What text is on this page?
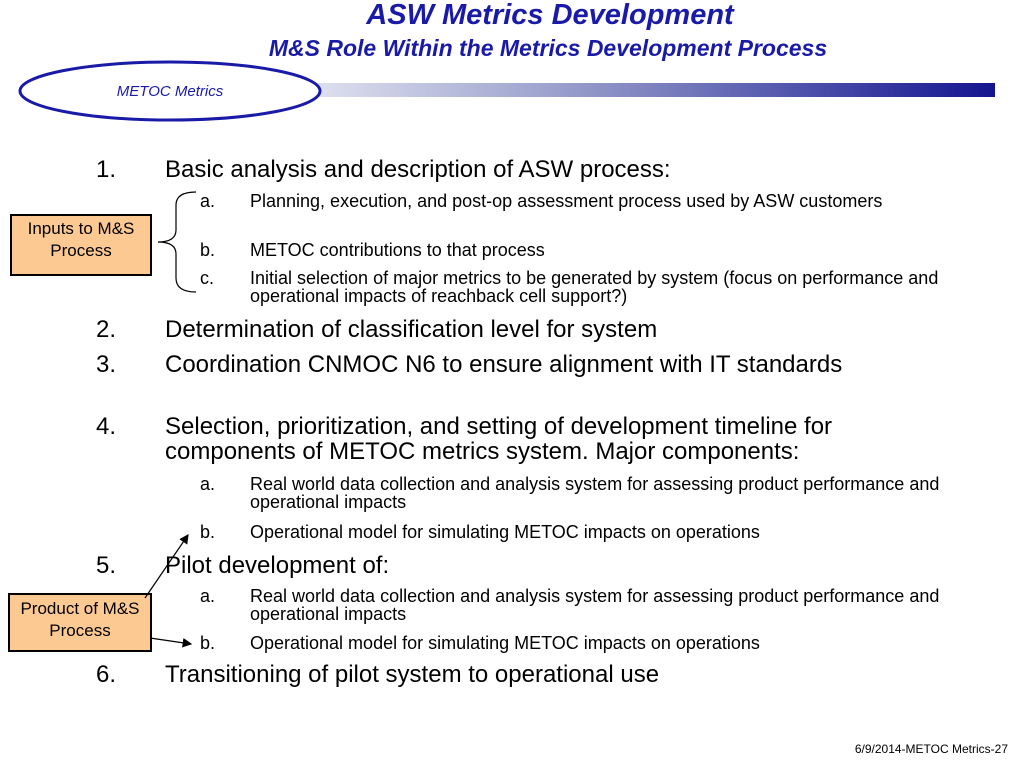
ASW Metrics Development
M&S Role Within the Metrics Development Process
METOC Metrics
1. Basic analysis and description of ASW process:
a. Planning, execution, and post-op assessment process used by ASW customers
b. METOC contributions to that process
c. Initial selection of major metrics to be generated by system (focus on performance and operational impacts of reachback cell support?)
2. Determination of classification level for system
3. Coordination CNMOC N6 to ensure alignment with IT standards
4. Selection, prioritization, and setting of development timeline for components of METOC metrics system. Major components:
a. Real world data collection and analysis system for assessing product performance and operational impacts
b. Operational model for simulating METOC impacts on operations
5. Pilot development of:
a. Real world data collection and analysis system for assessing product performance and operational impacts
b. Operational model for simulating METOC impacts on operations
6. Transitioning of pilot system to operational use
Inputs to M&S Process
Product of M&S Process
6/9/2014-METOC Metrics-27
